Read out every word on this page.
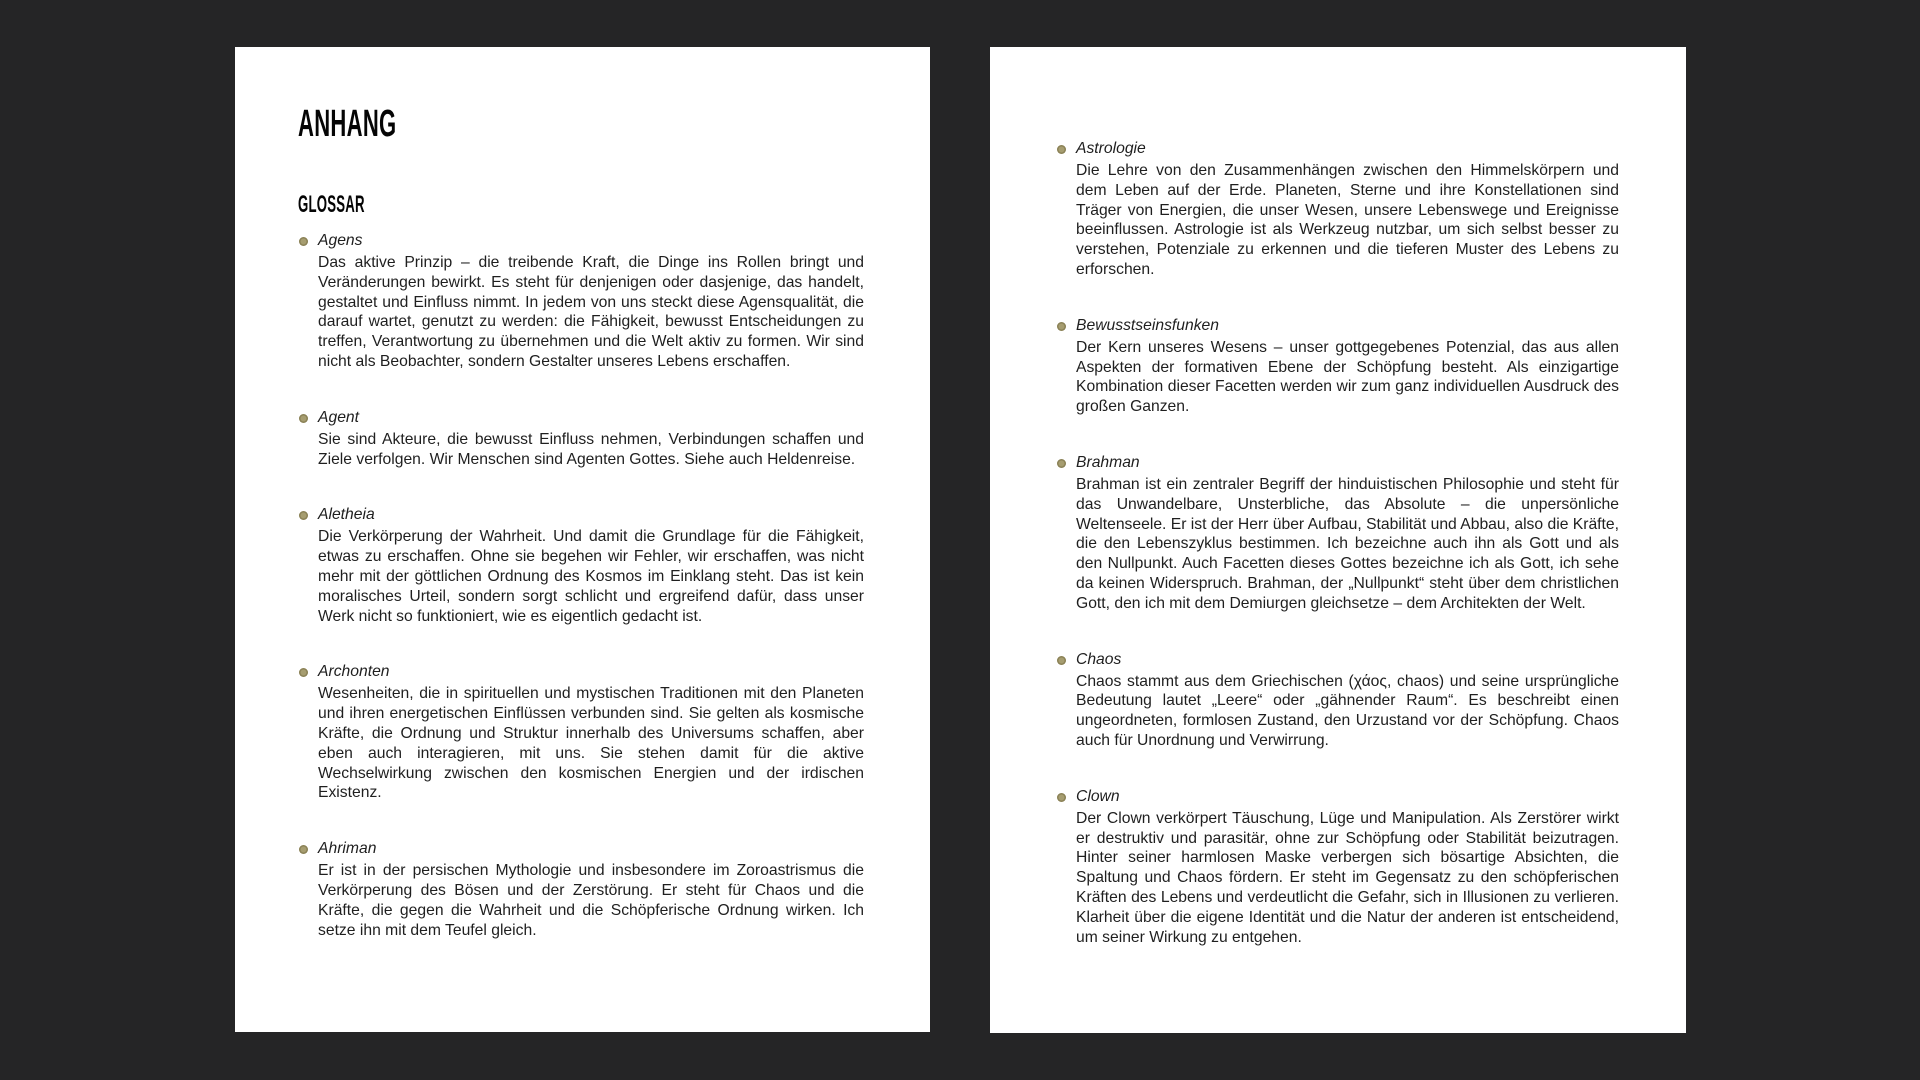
ANHANG
GLOSSAR
Agens

Das aktive Prinzip – die treibende Kraft, die Dinge ins Rollen bringt und Veränderungen bewirkt. Es steht für denjenigen oder dasjenige, das handelt, gestaltet und Einfluss nimmt. In jedem von uns steckt diese Agensqualität, die darauf wartet, genutzt zu werden: die Fähigkeit, bewusst Entscheidungen zu treffen, Verantwortung zu übernehmen und die Welt aktiv zu formen. Wir sind nicht als Beobachter, sondern Gestalter unseres Lebens erschaffen.

Agent

Sie sind Akteure, die bewusst Einfluss nehmen, Verbindungen schaffen und Ziele verfolgen. Wir Menschen sind Agenten Gottes. Siehe auch Heldenreise.

Aletheia

Die Verkörperung der Wahrheit. Und damit die Grundlage für die Fähigkeit, etwas zu erschaffen. Ohne sie begehen wir Fehler, wir erschaffen, was nicht mehr mit der göttlichen Ordnung des Kosmos im Einklang steht. Das ist kein moralisches Urteil, sondern sorgt schlicht und ergreifend dafür, dass unser Werk nicht so funktioniert, wie es eigentlich gedacht ist.

Archonten

Wesenheiten, die in spirituellen und mystischen Traditionen mit den Planeten und ihren energetischen Einflüssen verbunden sind. Sie gelten als kosmische Kräfte, die Ordnung und Struktur innerhalb des Universums schaffen, aber eben auch interagieren, mit uns. Sie stehen damit für die aktive Wechselwirkung zwischen den kosmischen Energien und der irdischen Existenz.

Ahriman

Er ist in der persischen Mythologie und insbesondere im Zoroastrismus die Verkörperung des Bösen und der Zerstörung. Er steht für Chaos und die Kräfte, die gegen die Wahrheit und die Schöpferische Ordnung wirken. Ich setze ihn mit dem Teufel gleich.

Astrologie

Die Lehre von den Zusammenhängen zwischen den Himmelskörpern und dem Leben auf der Erde. Planeten, Sterne und ihre Konstellationen sind Träger von Energien, die unser Wesen, unsere Lebenswege und Ereignisse beeinflussen. Astrologie ist als Werkzeug nutzbar, um sich selbst besser zu verstehen, Potenziale zu erkennen und die tieferen Muster des Lebens zu erforschen.

Bewusstseinsfunken

Der Kern unseres Wesens – unser gottgegebenes Potenzial, das aus allen Aspekten der formativen Ebene der Schöpfung besteht. Als einzigartige Kombination dieser Facetten werden wir zum ganz individuellen Ausdruck des großen Ganzen.

Brahman

Brahman ist ein zentraler Begriff der hinduistischen Philosophie und steht für das Unwandelbare, Unsterbliche, das Absolute – die unpersönliche Weltenseele. Er ist der Herr über Aufbau, Stabilität und Abbau, also die Kräfte, die den Lebenszyklus bestimmen. Ich bezeichne auch ihn als Gott und als den Nullpunkt. Auch Facetten dieses Gottes bezeichne ich als Gott, ich sehe da keinen Widerspruch. Brahman, der „Nullpunkt“ steht über dem christlichen Gott, den ich mit dem Demiurgen gleichsetze – dem Architekten der Welt.

Chaos

Chaos stammt aus dem Griechischen (χάος, chaos) und seine ursprüngliche Bedeutung lautet „Leere“ oder „gähnender Raum“. Es beschreibt einen ungeordneten, formlosen Zustand, den Urzustand vor der Schöpfung. Chaos auch für Unordnung und Verwirrung.

Clown

Der Clown verkörpert Täuschung, Lüge und Manipulation. Als Zerstörer wirkt er destruktiv und parasitär, ohne zur Schöpfung oder Stabilität beizutragen. Hinter seiner harmlosen Maske verbergen sich bösartige Absichten, die Spaltung und Chaos fördern. Er steht im Gegensatz zu den schöpferischen Kräften des Lebens und verdeutlicht die Gefahr, sich in Illusionen zu verlieren. Klarheit über die eigene Identität und die Natur der anderen ist entscheidend, um seiner Wirkung zu entgehen.
